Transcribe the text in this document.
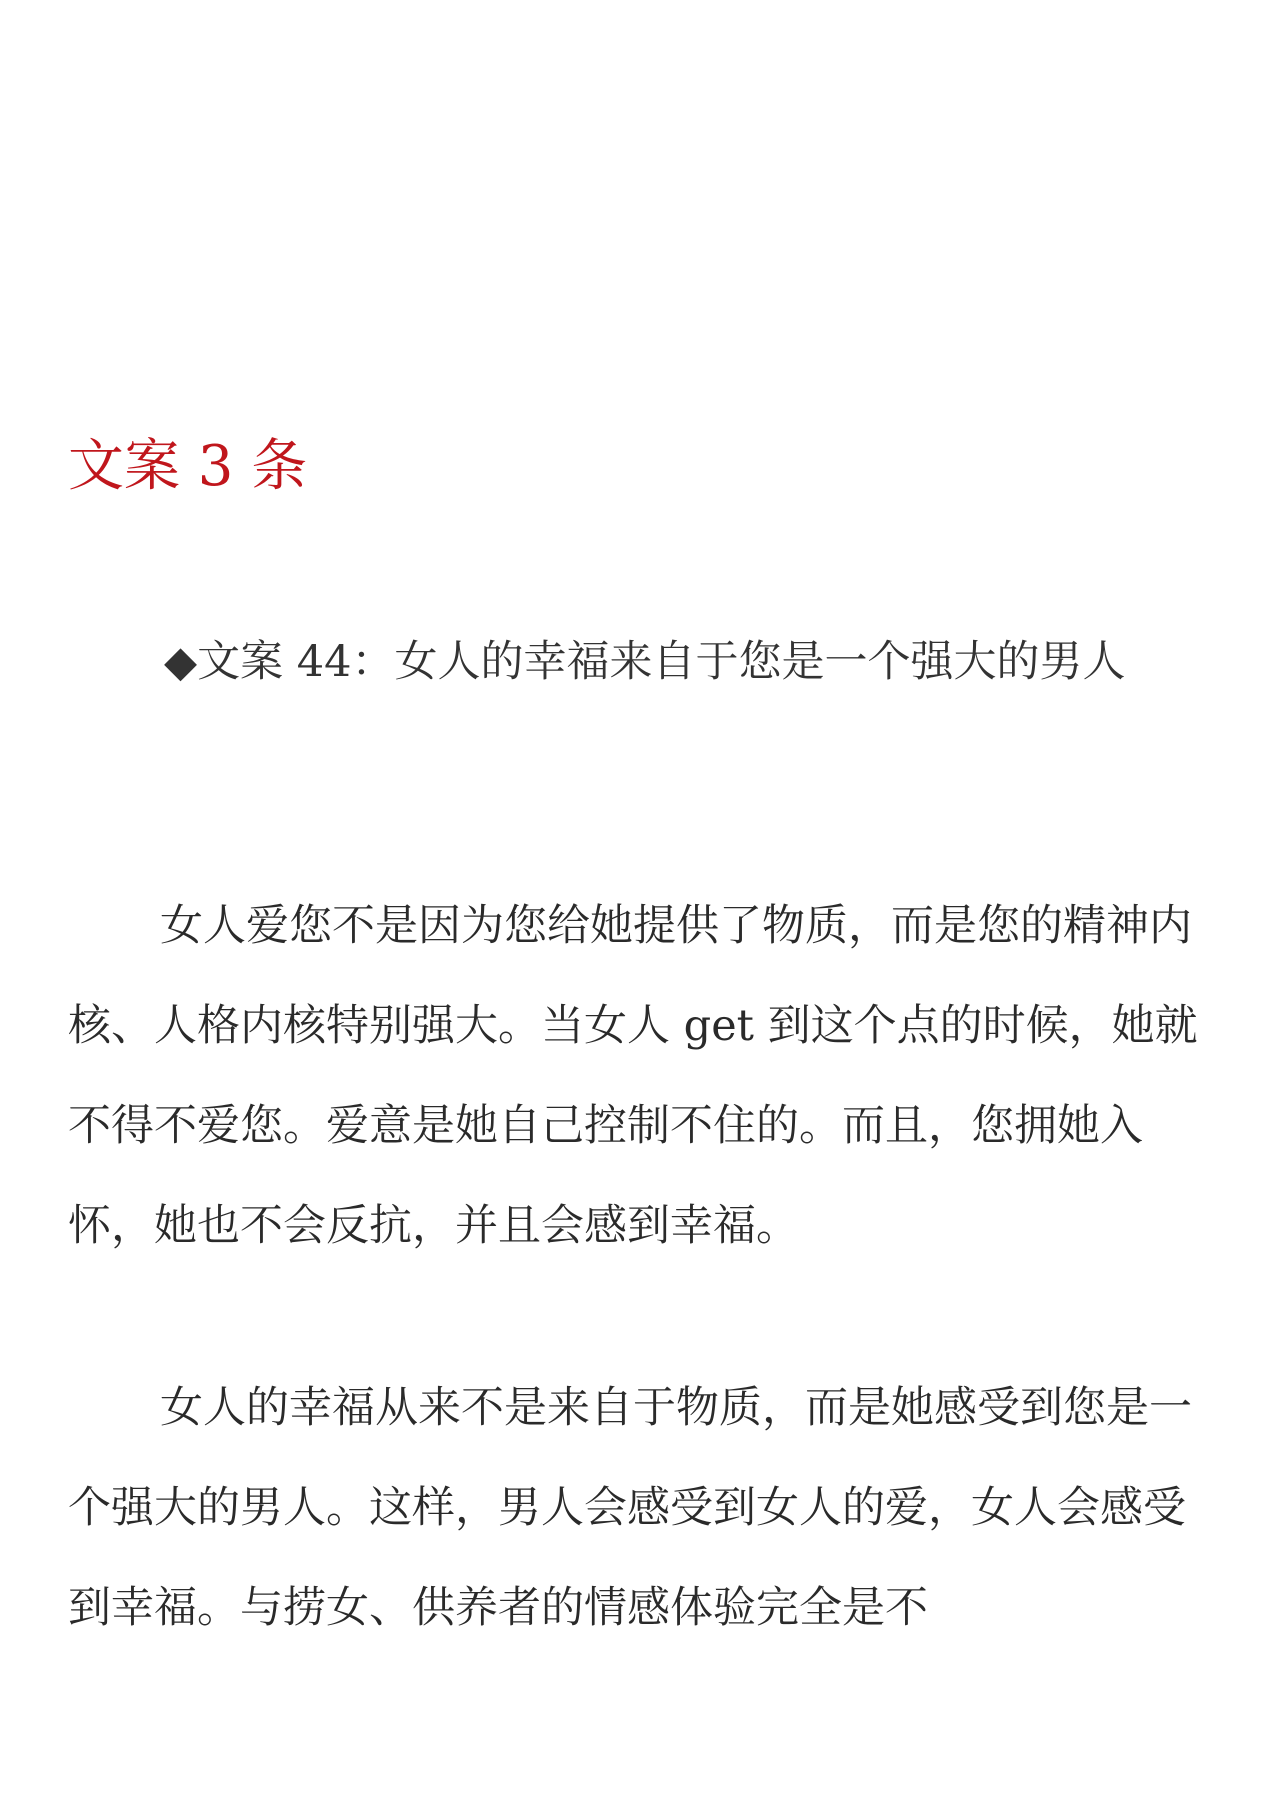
文案 3 条

◆文案 44：女人的幸福来自于您是一个强大的男人

女人爱您不是因为您给她提供了物质，而是您的精神内核、人格内核特别强大。当女人 get 到这个点的时候，她就不得不爱您。爱意是她自己控制不住的。而且，您拥她入怀，她也不会反抗，并且会感到幸福。

女人的幸福从来不是来自于物质，而是她感受到您是一个强大的男人。这样，男人会感受到女人的爱，女人会感受到幸福。与捞女、供养者的情感体验完全是不
